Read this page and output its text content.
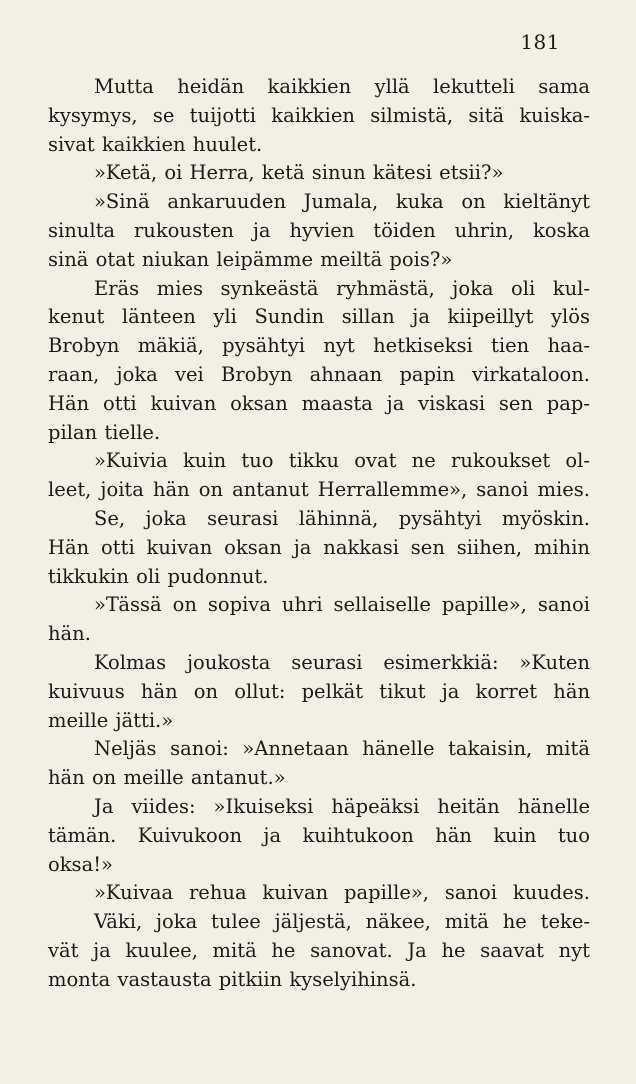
181
Mutta heidän kaikkien yllä lekutteli sama
kysymys, se tuijotti kaikkien silmistä, sitä kuiska-
sivat kaikkien huulet.
»Ketä, oi Herra, ketä sinun kätesi etsii?»
»Sinä ankaruuden Jumala, kuka on kieltänyt
sinulta rukousten ja hyvien töiden uhrin, koska
sinä otat niukan leipämme meiltä pois?»
Eräs mies synkeästä ryhmästä, joka oli kul-
kenut länteen yli Sundin sillan ja kiipeillyt ylös
Brobyn mäkiä, pysähtyi nyt hetkiseksi tien haa-
raan, joka vei Brobyn ahnaan papin virkataloon.
Hän otti kuivan oksan maasta ja viskasi sen pap-
pilan tielle.
»Kuivia kuin tuo tikku ovat ne rukoukset ol-
leet, joita hän on antanut Herrallemme», sanoi mies.
Se, joka seurasi lähinnä, pysähtyi myöskin.
Hän otti kuivan oksan ja nakkasi sen siihen, mihin
tikkukin oli pudonnut.
»Tässä on sopiva uhri sellaiselle papille», sanoi
hän.
Kolmas joukosta seurasi esimerkkiä: »Kuten
kuivuus hän on ollut: pelkät tikut ja korret hän
meille jätti.»
Neljäs sanoi: »Annetaan hänelle takaisin, mitä
hän on meille antanut.»
Ja viides: »Ikuiseksi häpeäksi heitän hänelle
tämän. Kuivukoon ja kuihtukoon hän kuin tuo
oksa!»
»Kuivaa rehua kuivan papille», sanoi kuudes.
Väki, joka tulee jäljestä, näkee, mitä he teke-
vät ja kuulee, mitä he sanovat. Ja he saavat nyt
monta vastausta pitkiin kyselyihinsä.
